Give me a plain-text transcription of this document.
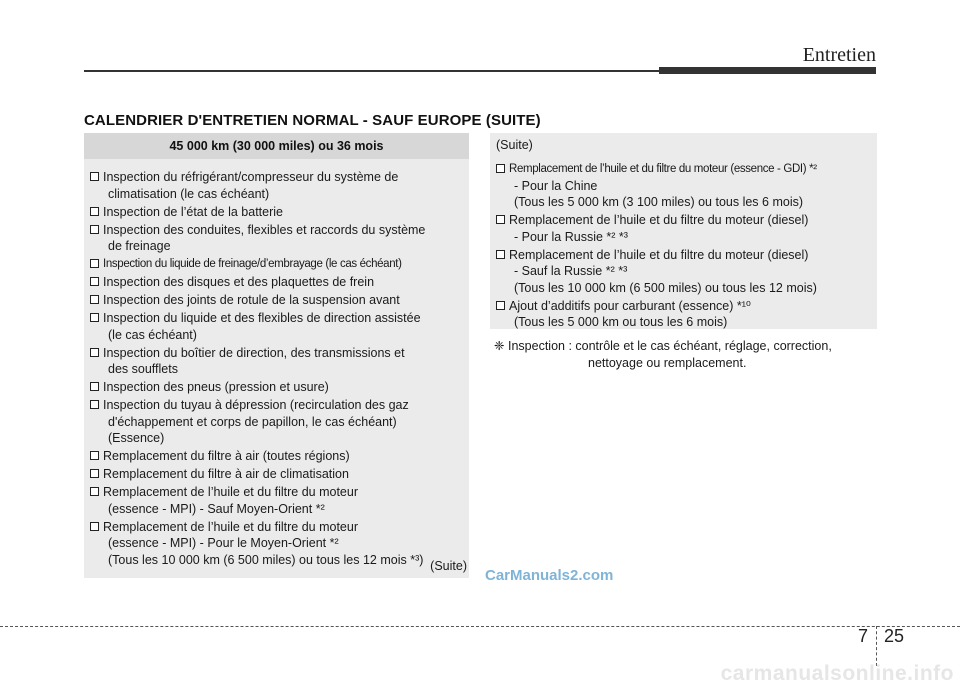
Entretien
CALENDRIER D'ENTRETIEN NORMAL - SAUF EUROPE (SUITE)
45 000 km (30 000 miles) ou 36 mois
Inspection du réfrigérant/compresseur du système de
climatisation (le cas échéant)
Inspection de l’état de la batterie
Inspection des conduites, flexibles et raccords du système
de freinage
Inspection du liquide de freinage/d’embrayage (le cas échéant)
Inspection des disques et des plaquettes de frein
Inspection des joints de rotule de la suspension avant
Inspection du liquide et des flexibles de direction assistée
(le cas échéant)
Inspection du boîtier de direction, des transmissions et
des soufflets
Inspection des pneus (pression et usure)
Inspection du tuyau à dépression (recirculation des gaz
d'échappement et corps de papillon, le cas échéant)
(Essence)
Remplacement du filtre à air (toutes régions)
Remplacement du filtre à air de climatisation
Remplacement de l’huile et du filtre du moteur
(essence - MPI) - Sauf Moyen-Orient *²
Remplacement de l’huile et du filtre du moteur
(essence - MPI) - Pour le Moyen-Orient *²
(Tous les 10 000 km (6 500 miles) ou tous les 12 mois *³) (Suite)
(Suite)
Remplacement de l’huile et du filtre du moteur (essence - GDI) *²
- Pour la Chine
(Tous les 5 000 km (3 100 miles) ou tous les 6 mois)
Remplacement de l’huile et du filtre du moteur (diesel)
- Pour la Russie *² *³
Remplacement de l’huile et du filtre du moteur (diesel)
- Sauf la Russie *² *³
(Tous les 10 000 km (6 500 miles) ou tous les 12 mois)
Ajout d’additifs pour carburant (essence) *¹⁰
(Tous les 5 000 km ou tous les 6 mois)
❈ Inspection : contrôle et le cas échéant, réglage, correction,
nettoyage ou remplacement.
CarManuals2.com
7 25
carmanualsonline.info
